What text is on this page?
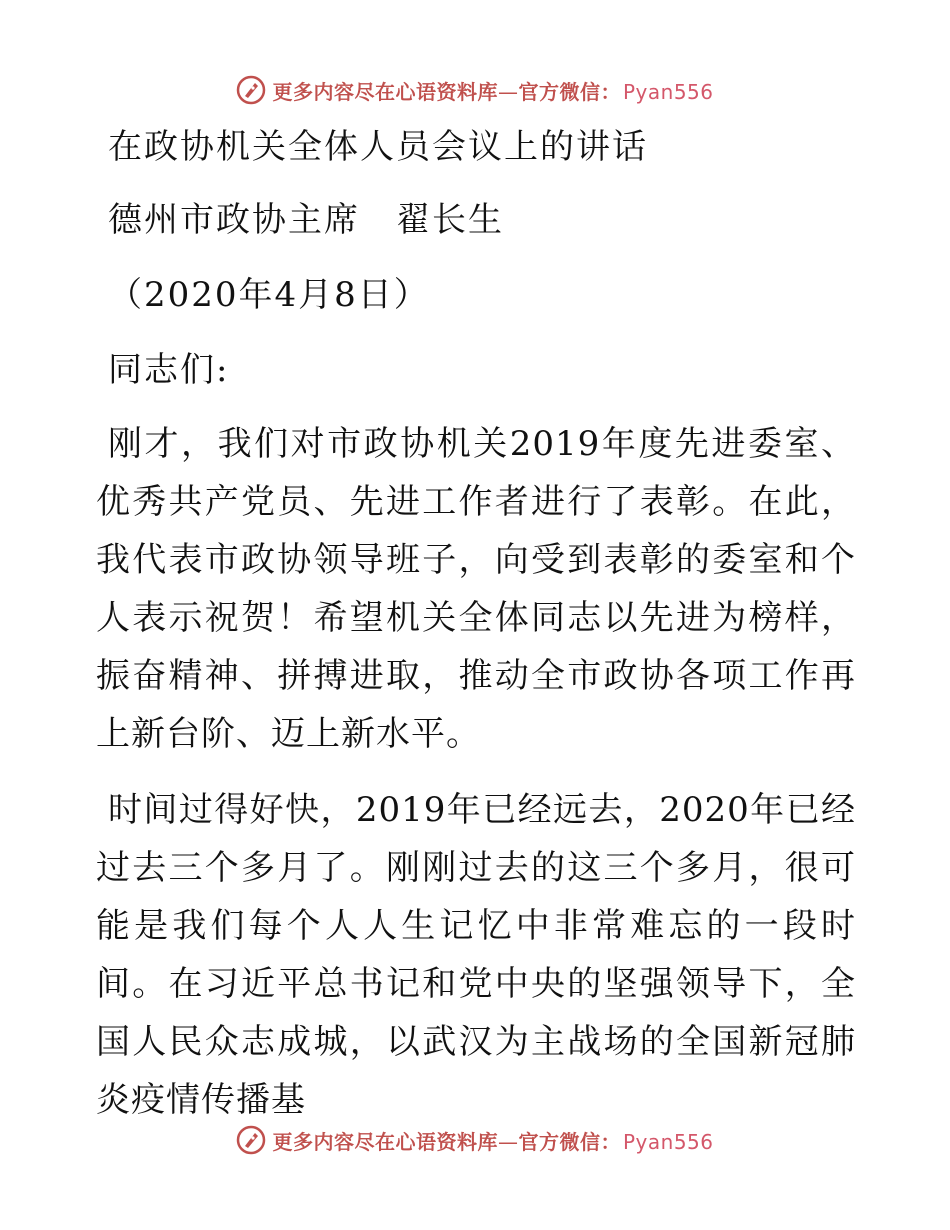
更多内容尽在心语资料库—官方微信： Pyan556
在政协机关全体人员会议上的讲话
德州市政协主席　翟长生
（2020年4月8日）
同志们:
刚才，我们对市政协机关2019年度先进委室、优秀共产党员、先进工作者进行了表彰。在此，我代表市政协领导班子，向受到表彰的委室和个人表示祝贺！希望机关全体同志以先进为榜样，振奋精神、拼搏进取，推动全市政协各项工作再上新台阶、迈上新水平。
时间过得好快，2019年已经远去，2020年已经过去三个多月了。刚刚过去的这三个多月，很可能是我们每个人人生记忆中非常难忘的一段时间。在习近平总书记和党中央的坚强领导下，全国人民众志成城，以武汉为主战场的全国新冠肺炎疫情传播基
更多内容尽在心语资料库—官方微信： Pyan556
